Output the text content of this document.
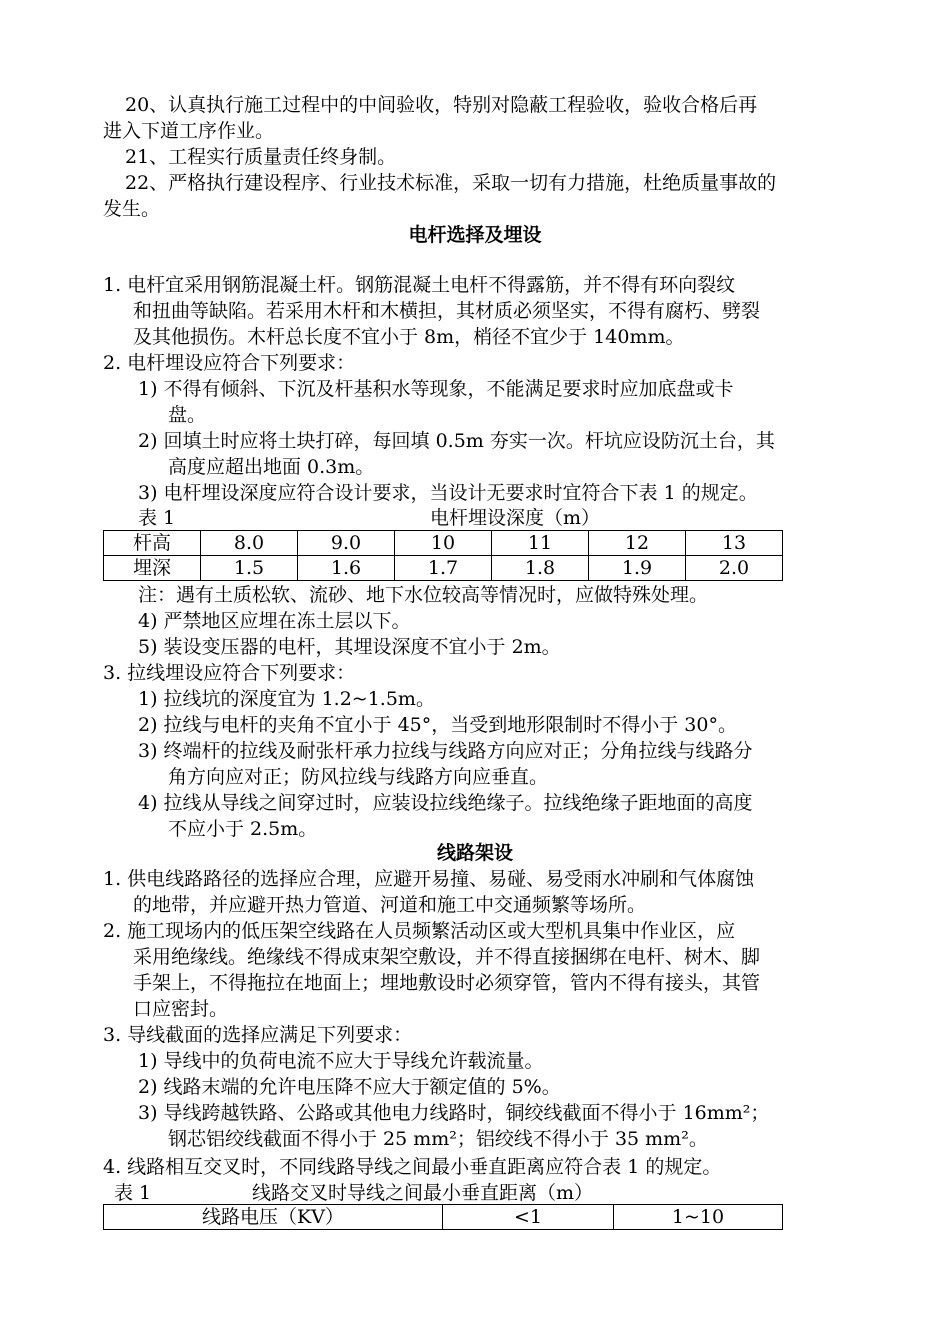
20、认真执行施工过程中的中间验收，特别对隐蔽工程验收，验收合格后再
进入下道工序作业。
21、工程实行质量责任终身制。
22、严格执行建设程序、行业技术标准，采取一切有力措施，杜绝质量事故的
发生。
电杆选择及埋设
1. 电杆宜采用钢筋混凝土杆。钢筋混凝土电杆不得露筋，并不得有环向裂纹
和扭曲等缺陷。若采用木杆和木横担，其材质必须坚实，不得有腐朽、劈裂
及其他损伤。木杆总长度不宜小于 8m，梢径不宜少于 140mm。
2. 电杆埋设应符合下列要求：
1) 不得有倾斜、下沉及杆基积水等现象，不能满足要求时应加底盘或卡
盘。
2) 回填土时应将土块打碎，每回填 0.5m 夯实一次。杆坑应设防沉土台，其
高度应超出地面 0.3m。
3) 电杆埋设深度应符合设计要求，当设计无要求时宜符合下表 1 的规定。
表 1	电杆埋设深度（m）
杆高	8.0	9.0	10	11	12	13
埋深	1.5	1.6	1.7	1.8	1.9	2.0
注：遇有土质松软、流砂、地下水位较高等情况时，应做特殊处理。
4) 严禁地区应埋在冻土层以下。
5) 装设变压器的电杆，其埋设深度不宜小于 2m。
3. 拉线埋设应符合下列要求：
1) 拉线坑的深度宜为 1.2~1.5m。
2) 拉线与电杆的夹角不宜小于 45°，当受到地形限制时不得小于 30°。
3) 终端杆的拉线及耐张杆承力拉线与线路方向应对正；分角拉线与线路分
角方向应对正；防风拉线与线路方向应垂直。
4) 拉线从导线之间穿过时，应装设拉线绝缘子。拉线绝缘子距地面的高度
不应小于 2.5m。
线路架设
1. 供电线路路径的选择应合理，应避开易撞、易碰、易受雨水冲刷和气体腐蚀
的地带，并应避开热力管道、河道和施工中交通频繁等场所。
2. 施工现场内的低压架空线路在人员频繁活动区或大型机具集中作业区，应
采用绝缘线。绝缘线不得成束架空敷设，并不得直接捆绑在电杆、树木、脚
手架上，不得拖拉在地面上；埋地敷设时必须穿管，管内不得有接头，其管
口应密封。
3. 导线截面的选择应满足下列要求：
1) 导线中的负荷电流不应大于导线允许载流量。
2) 线路末端的允许电压降不应大于额定值的 5%。
3) 导线跨越铁路、公路或其他电力线路时，铜绞线截面不得小于 16mm²；
钢芯铝绞线截面不得小于 25 mm²；铝绞线不得小于 35 mm²。
4. 线路相互交叉时，不同线路导线之间最小垂直距离应符合表 1 的规定。
表 1	线路交叉时导线之间最小垂直距离（m）
线路电压（KV）	<1	1~10
